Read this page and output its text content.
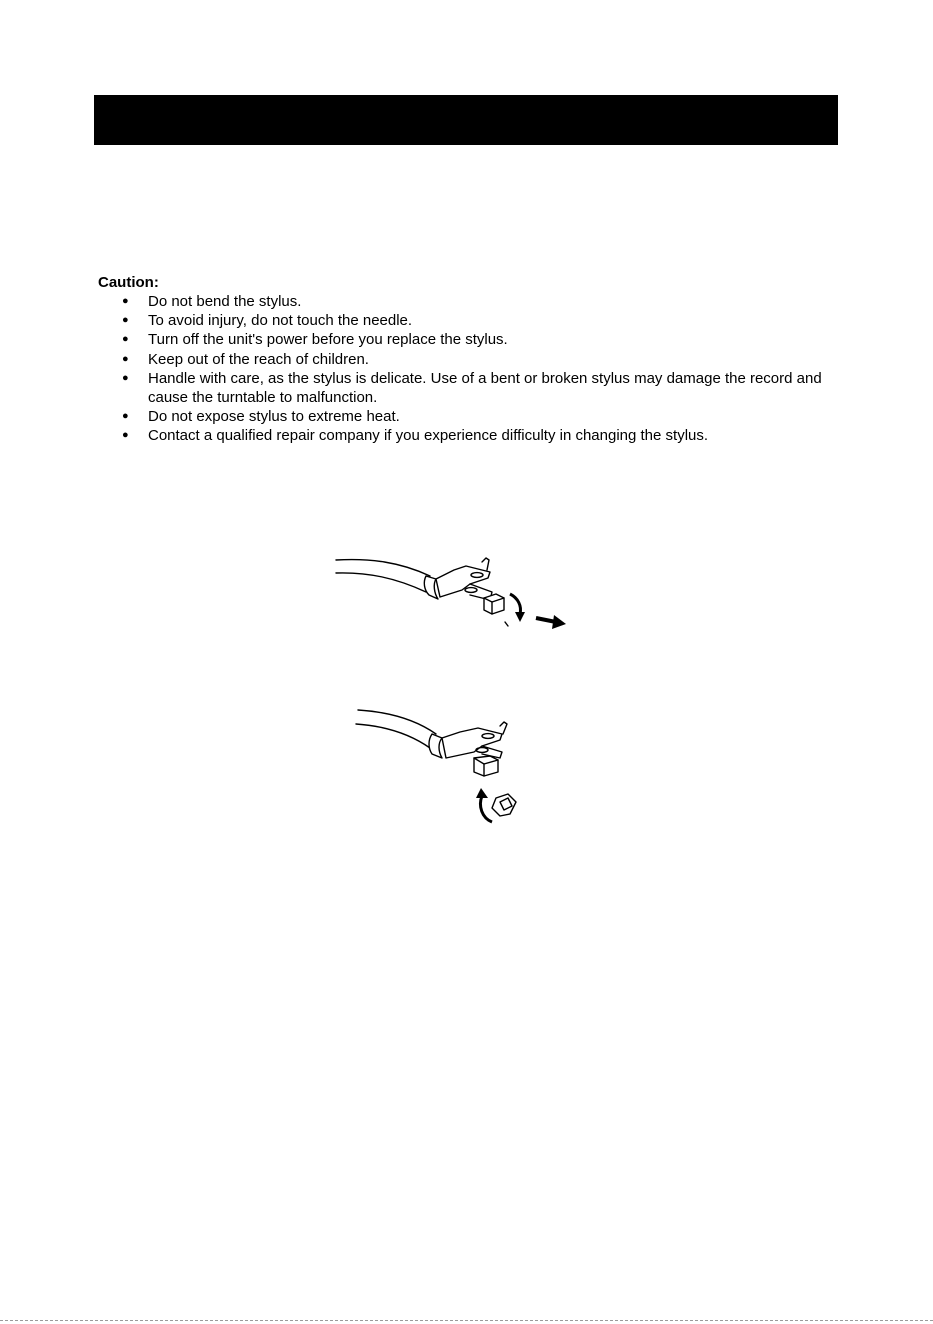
Caution:

● Do not bend the stylus.
● To avoid injury, do not touch the needle.
● Turn off the unit's power before you replace the stylus.
● Keep out of the reach of children.
● Handle with care, as the stylus is delicate. Use of a bent or broken stylus may damage the record and cause the turntable to malfunction.
● Do not expose stylus to extreme heat.
● Contact a qualified repair company if you experience difficulty in changing the stylus.
